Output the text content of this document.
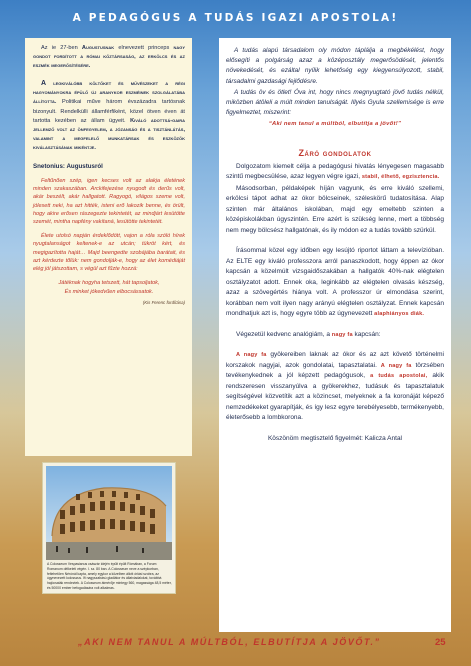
A PEDAGÓGUS A TUDÁS IGAZI APOSTOLA!

Az ie 27-ben Augustusnak elnevezett princeps nagy gondot fordított a római köztársaság, az erkölcs és az eszmék megerősítésére.

A legkiválóbb költőket és művészeket a régi hagyományokra épülő új aranykor eszméinek szolgálatába állította. Politikai műve három évszázadra tartósnak bizonyult. Rendelkülli államférfiként, közel ötven éven át tartotta kezében az állam ügyeit. Kiváló adottsá-gaira jellemző volt az önfegyelem, a józanság és a tisztánlátás, valamint a megfelelő munkatársak és eszközök kiválasztásának mikéntje.

Snetonius: Augustusról

Feltűnően szép, igen kecses volt az alakja életének minden szakaszában. Arckifejezése nyugodt és derűs volt, akár beszélt, akár hallgatott. Ragyogó, világos szeme volt, jólesett neki, ha azt hitték, isteni erő lakozik benne, és örült, hogy akire erősen rászegezte tekintetét, az mindjárt lesütötte szemét, mintha napfény vakítaná, lesütötte tekintetét.

Élete utolsó napján érdeklődött, vajon a róla szóló hírek nyugtalanságot keltenek-e az utcán; tükröt kért, és megigazította haját… Majd beengedte szobájába barátait, és azt kérdezte tőlük: nem gondolják-e, hogy az élet komédiáját elég jól játszottam, s végül azt fűzte hozzá:

Játéknak hogyha tetszett, hát tapsoljatok,

És minket jókedvűen elbocsássatok.

(Kis Ferenc fordítása)

A Colosseum Vespasianus császár idején épült épült Rómában, a Forum Romanum délkeleti végén. I. sz. 80 ban. A Colosseum neve a szépkorban, feltehetően Nérónál kapta, amely egykor a közelben állott óriási szobra, az úgynevezett kolosszus. Ifi nagyszabású gladiátor és állatviadalokat, továbbá hajócsaták rendeztek. A Colosseum átmérője mintegy 560, magassága 48,5 méter, és 50000 ember befogadására volt alkalmas.

A tudás alapú társadalom oly módon táplálja a megbékélést, hogy elősegíti a polgárság azaz a középosztály megerősödését, jelentős növekedését, és ezáltal nyílik lehetőség egy kiegyensúlyozott, stabil, társadalmi gazdasági fejlődésre.

A tudás öv és ötlet! Óva int, hogy nincs megnyugtató jövő tudás nélkül, miközben átöleli a múlt minden tanulságát. Illyés Gyula szellemisége is erre figyelmeztet, miszerint:

“Aki nem tanul a múltból, elbutítja a jövőt!”

Záró gondolatok

Dolgozatom kiemelt célja a pedagógusi hivatás lényegesen magasabb szintű megbecsülése, azaz legyen végre igazi, stabil, élhető, egzisztencia.

Másodsorban, példaképek híján vagyunk, és erre kiváló szellemi, erkölcsi tápot adhat az ókor bölcseinek, széleskörű tudatosítása. Alap szinten már általános iskolában, majd egy emeltebb szinten a középiskolákban úgyszintén. Erre azért is szükség lenne, mert a többség nem megy bölcsész hallgatónak, és ily módon ez a tudás tovább szürkül.

Írásommal közel egy időben egy lesújtó riportot láttam a televízióban. Az ELTE egy kiváló professzora arról panaszkodott, hogy éppen az ókor kapcsán a közelmúlt vizsgaidőszakában a hallgatók 40%-nak elégtelen osztályzatot adott. Ennek oka, leginkább az elégtelen olvasás készség, azaz a szövegértés hiánya volt. A professzor úr elmondása szerint, korábban nem volt ilyen nagy arányú elégtelen osztályzat. Ennek kapcsán mondhatjuk azt is, hogy egyre több az úgynevezett alaphiányos diák.

Végezetül kedvenc analógiám, a nagy fa kapcsán:

A nagy fa gyökereiben laknak az ókor és az azt követő történelmi korszakok nagyjai, azok gondolatai, tapasztalatai. A nagy fa törzsében tevékenykednek a jól képzett pedagógusok, a tudás apostolai, akik rendszeresen visszanyúlva a gyökerekhez, tudásuk és tapasztalatuk segítségével közvetítik azt a közincset, melyeknek a fa koronáját képező nemzedékeket gyarapítják, és így lesz egyre terebélyesebb, termékenyebb, életerősebb a lombkorona.

Köszönöm megtisztelő figyelmét: Kalicza Antal

„AKI NEM TANUL A MÚLTBÓL, ELBUTÍTJA A JÖVŐT.”	25
